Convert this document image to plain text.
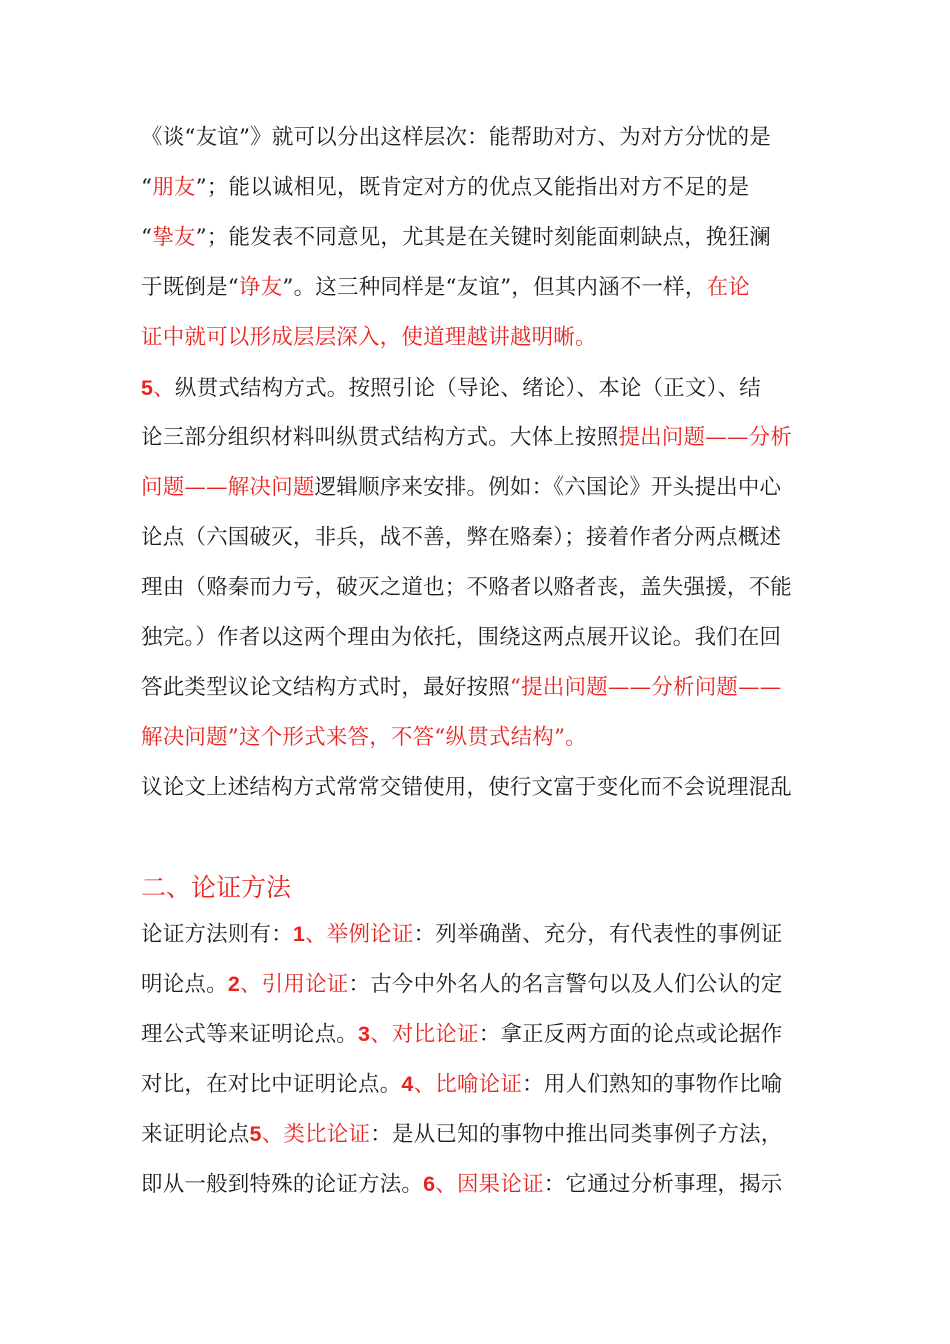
《谈“友谊”》就可以分出这样层次：能帮助对方、为对方分忧的是
“朋友”；能以诚相见，既肯定对方的优点又能指出对方不足的是
“挚友”；能发表不同意见，尤其是在关键时刻能面刺缺点，挽狂澜
于既倒是“诤友”。这三种同样是“友谊”，但其内涵不一样，在论
证中就可以形成层层深入，使道理越讲越明晰。
5、纵贯式结构方式。按照引论（导论、绪论）、本论（正文）、结
论三部分组织材料叫纵贯式结构方式。大体上按照提出问题——分析
问题——解决问题逻辑顺序来安排。例如：《六国论》开头提出中心
论点（六国破灭，非兵，战不善，弊在赂秦）；接着作者分两点概述
理由（赂秦而力亏，破灭之道也；不赂者以赂者丧，盖失强援，不能
独完。）作者以这两个理由为依托，围绕这两点展开议论。我们在回
答此类型议论文结构方式时，最好按照“提出问题——分析问题——
解决问题”这个形式来答，不答“纵贯式结构”。
议论文上述结构方式常常交错使用，使行文富于变化而不会说理混乱
二、论证方法
论证方法则有：1、举例论证：列举确凿、充分，有代表性的事例证
明论点。2、引用论证：古今中外名人的名言警句以及人们公认的定
理公式等来证明论点。3、对比论证：拿正反两方面的论点或论据作
对比，在对比中证明论点。4、比喻论证：用人们熟知的事物作比喻
来证明论点5、类比论证：是从已知的事物中推出同类事例子方法，
即从一般到特殊的论证方法。6、因果论证：它通过分析事理，揭示
